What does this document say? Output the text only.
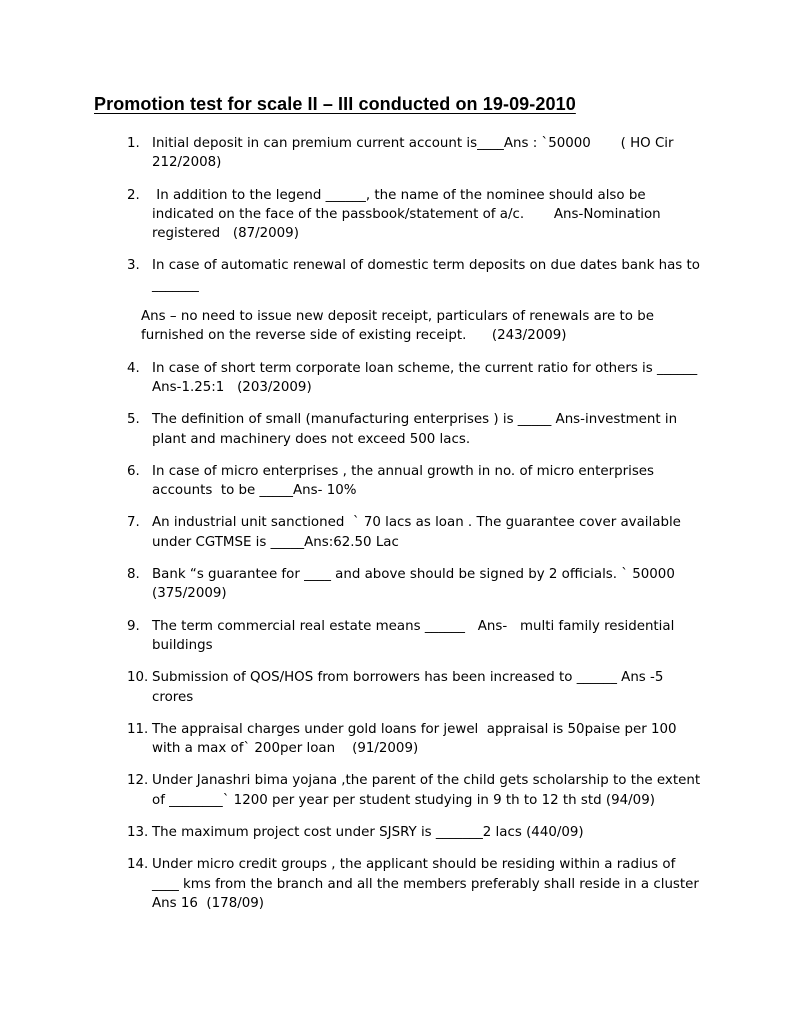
Promotion test for scale II – III conducted on 19-09-2010
1. Initial deposit in can premium current account is____Ans : `50000       ( HO Cir 212/2008)
2. In addition to the legend ______, the name of the nominee should also be indicated on the face of the passbook/statement of a/c.       Ans-Nomination registered   (87/2009)
3. In case of automatic renewal of domestic term deposits on due dates bank has to _______
Ans – no need to issue new deposit receipt, particulars of renewals are to be furnished on the reverse side of existing receipt.      (243/2009)
4. In case of short term corporate loan scheme, the current ratio for others is ______ Ans-1.25:1   (203/2009)
5. The definition of small (manufacturing enterprises ) is _____ Ans-investment in plant and machinery does not exceed 500 lacs.
6. In case of micro enterprises , the annual growth in no. of micro enterprises accounts  to be _____Ans- 10%
7. An industrial unit sanctioned  ` 70 lacs as loan . The guarantee cover available under CGTMSE is _____Ans:62.50 Lac
8. Bank “s guarantee for ____ and above should be signed by 2 officials. ` 50000  (375/2009)
9. The term commercial real estate means ______   Ans-   multi family residential buildings
10. Submission of QOS/HOS from borrowers has been increased to ______ Ans -5 crores
11. The appraisal charges under gold loans for jewel  appraisal is 50paise per 100 with a max of` 200per loan    (91/2009)
12. Under Janashri bima yojana ,the parent of the child gets scholarship to the extent of ________` 1200 per year per student studying in 9 th to 12 th std (94/09)
13. The maximum project cost under SJSRY is _______2 lacs (440/09)
14. Under micro credit groups , the applicant should be residing within a radius of ____ kms from the branch and all the members preferably shall reside in a cluster Ans 16  (178/09)
